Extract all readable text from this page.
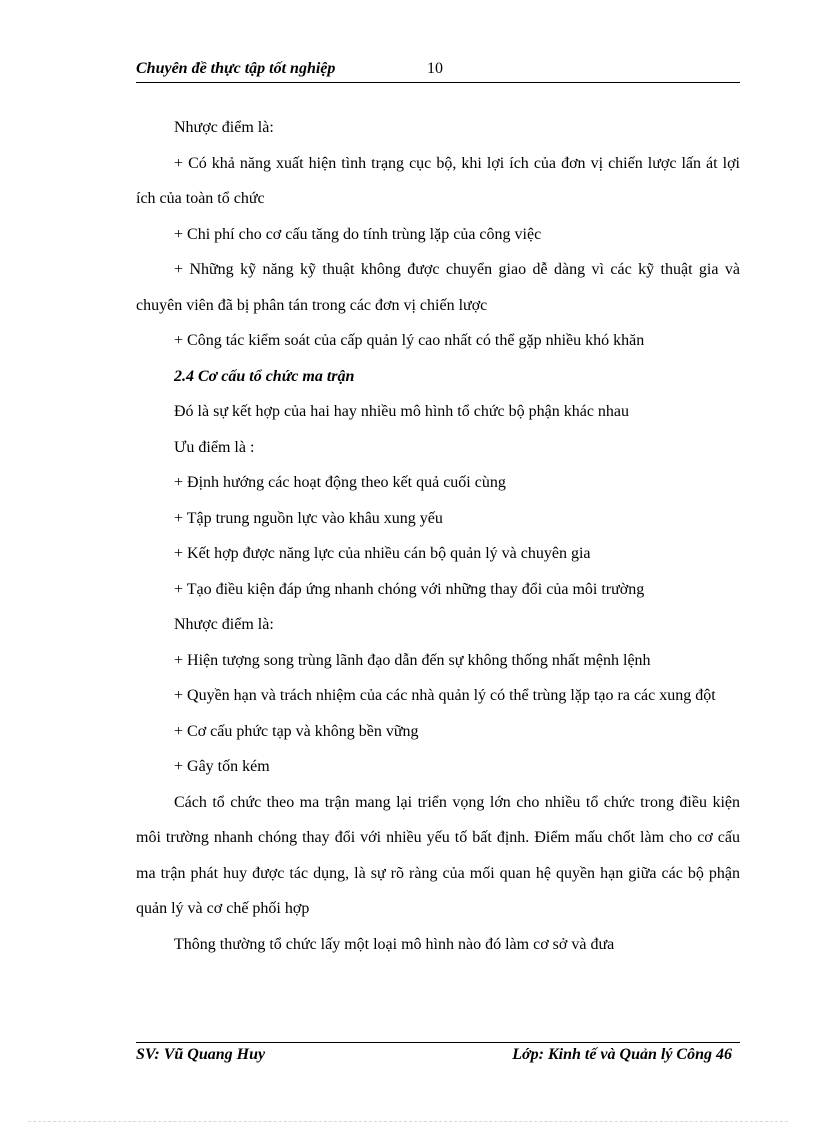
Chuyên đề thực tập tốt nghiệp	10

Nhược điểm là:

+ Có khả năng xuất hiện tình trạng cục bộ, khi lợi ích của đơn vị chiến lược lấn át lợi ích của toàn tổ chức

+ Chi phí cho cơ cấu tăng do tính trùng lặp của công việc

+ Những kỹ năng kỹ thuật không được chuyển giao dễ dàng vì các kỹ thuật gia và chuyên viên đã bị phân tán trong các đơn vị chiến lược

+ Công tác kiểm soát của cấp quản lý cao nhất có thể gặp nhiều khó khăn

2.4 Cơ cấu tổ chức ma trận

Đó là sự kết hợp của hai hay nhiều mô hình tổ chức bộ phận khác nhau

Ưu điểm là :

+ Định hướng các hoạt động theo kết quả cuối cùng

+ Tập trung nguồn lực vào khâu xung yếu

+ Kết hợp được năng lực của nhiều cán bộ quản lý và chuyên gia

+ Tạo điều kiện đáp ứng nhanh chóng với những thay đổi của môi trường

Nhược điểm là:

+ Hiện tượng song trùng lãnh đạo dẫn đến sự không thống nhất mệnh lệnh

+ Quyền hạn và trách nhiệm của các nhà quản lý có thể trùng lặp tạo ra các xung đột

+ Cơ cấu phức tạp và không bền vững

+ Gây tốn kém

Cách tổ chức theo ma trận mang lại triển vọng lớn cho nhiều tổ chức trong điều kiện môi trường nhanh chóng thay đổi với nhiều yếu tố bất định. Điểm mấu chốt làm cho cơ cấu ma trận phát huy được tác dụng, là sự rõ ràng của mối quan hệ quyền hạn giữa các bộ phận quản lý và cơ chế phối hợp

Thông thường tổ chức lấy một loại mô hình nào đó làm cơ sở và đưa

SV: Vũ Quang Huy	Lớp: Kinh tế và Quản lý Công 46
